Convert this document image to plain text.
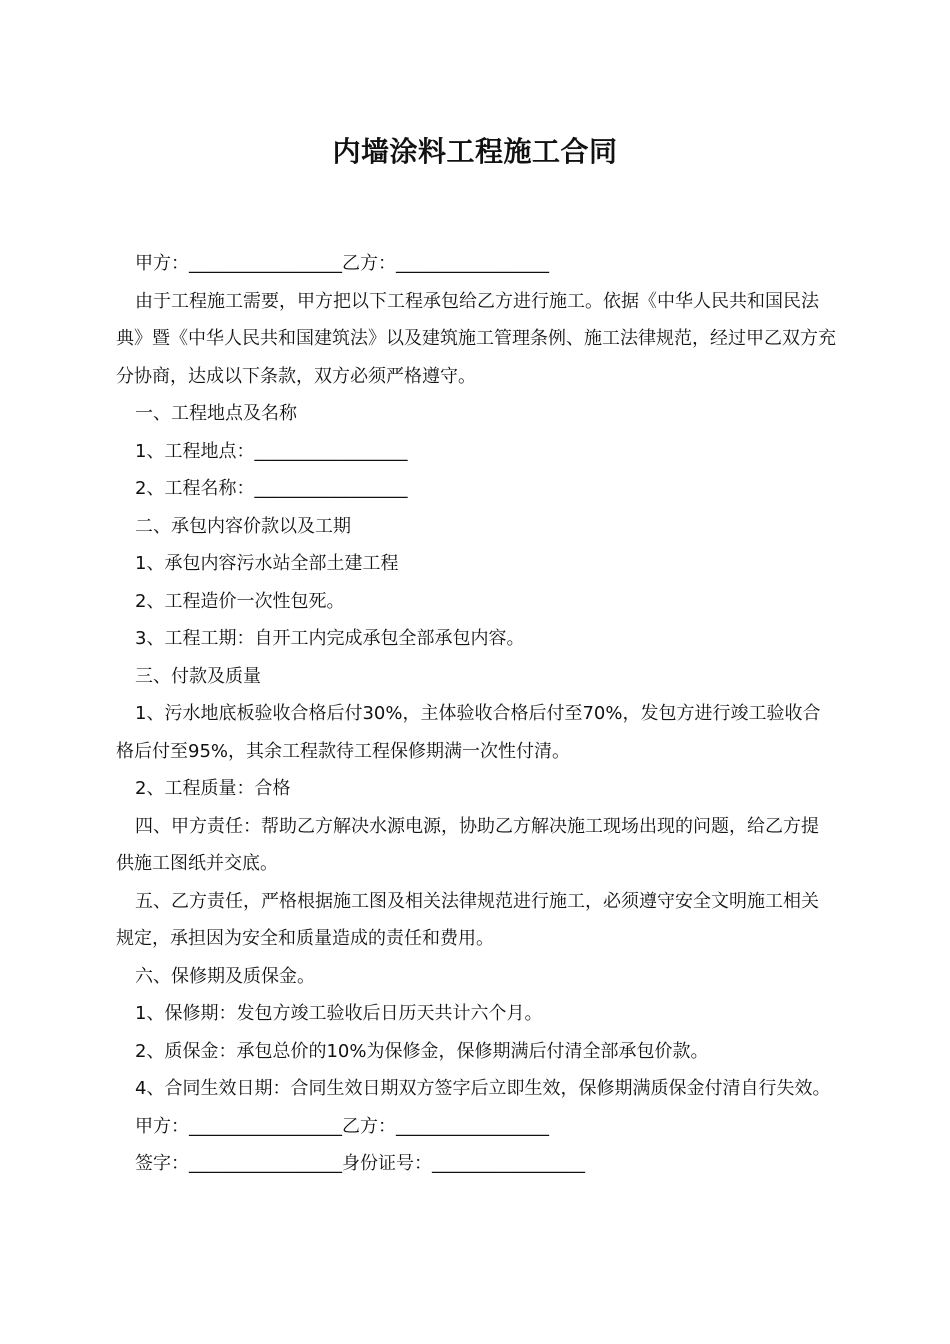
内墙涂料工程施工合同

甲方：_________________乙方：_________________

由于工程施工需要，甲方把以下工程承包给乙方进行施工。依据《中华人民共和国民法典》暨《中华人民共和国建筑法》以及建筑施工管理条例、施工法律规范，经过甲乙双方充分协商，达成以下条款，双方必须严格遵守。

一、工程地点及名称

1、工程地点：_________________

2、工程名称：_________________

二、承包内容价款以及工期

1、承包内容污水站全部土建工程

2、工程造价一次性包死。

3、工程工期：自开工内完成承包全部承包内容。

三、付款及质量

1、污水地底板验收合格后付30%，主体验收合格后付至70%，发包方进行竣工验收合格后付至95%，其余工程款待工程保修期满一次性付清。

2、工程质量：合格

四、甲方责任：帮助乙方解决水源电源，协助乙方解决施工现场出现的问题，给乙方提供施工图纸并交底。

五、乙方责任，严格根据施工图及相关法律规范进行施工，必须遵守安全文明施工相关规定，承担因为安全和质量造成的责任和费用。

六、保修期及质保金。

1、保修期：发包方竣工验收后日历天共计六个月。

2、质保金：承包总价的10%为保修金，保修期满后付清全部承包价款。

4、合同生效日期：合同生效日期双方签字后立即生效，保修期满质保金付清自行失效。

甲方：_________________乙方：_________________

签字：_________________身份证号：_________________
